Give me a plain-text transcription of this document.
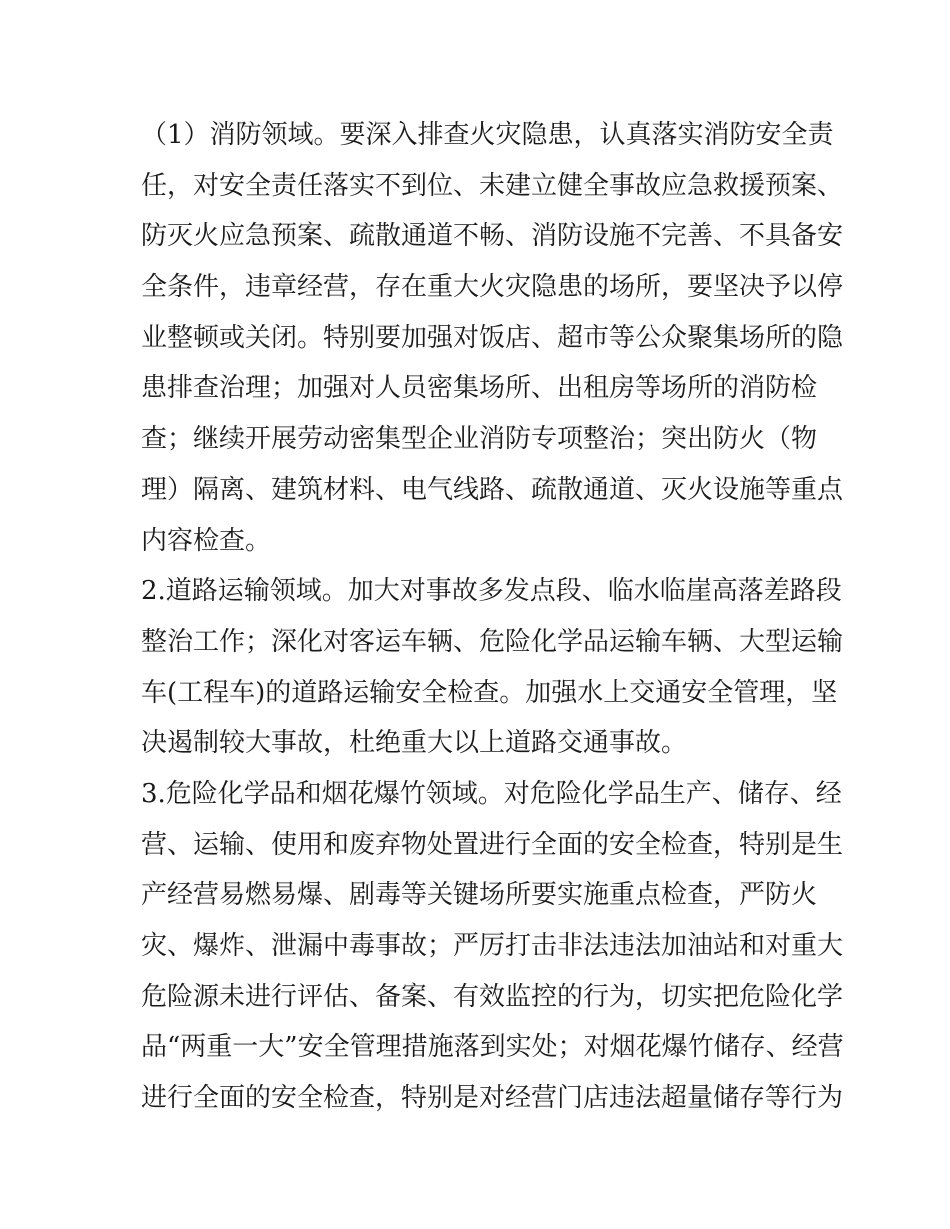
（1）消防领域。要深入排查火灾隐患，认真落实消防安全责
任，对安全责任落实不到位、未建立健全事故应急救援预案、
防灭火应急预案、疏散通道不畅、消防设施不完善、不具备安
全条件，违章经营，存在重大火灾隐患的场所，要坚决予以停
业整顿或关闭。特别要加强对饭店、超市等公众聚集场所的隐
患排查治理；加强对人员密集场所、出租房等场所的消防检
查；继续开展劳动密集型企业消防专项整治；突出防火（物
理）隔离、建筑材料、电气线路、疏散通道、灭火设施等重点
内容检查。
2.道路运输领域。加大对事故多发点段、临水临崖高落差路段
整治工作；深化对客运车辆、危险化学品运输车辆、大型运输
车(工程车)的道路运输安全检查。加强水上交通安全管理，坚
决遏制较大事故，杜绝重大以上道路交通事故。
3.危险化学品和烟花爆竹领域。对危险化学品生产、储存、经
营、运输、使用和废弃物处置进行全面的安全检查，特别是生
产经营易燃易爆、剧毒等关键场所要实施重点检查，严防火
灾、爆炸、泄漏中毒事故；严厉打击非法违法加油站和对重大
危险源未进行评估、备案、有效监控的行为，切实把危险化学
品“两重一大”安全管理措施落到实处；对烟花爆竹储存、经营
进行全面的安全检查，特别是对经营门店违法超量储存等行为
